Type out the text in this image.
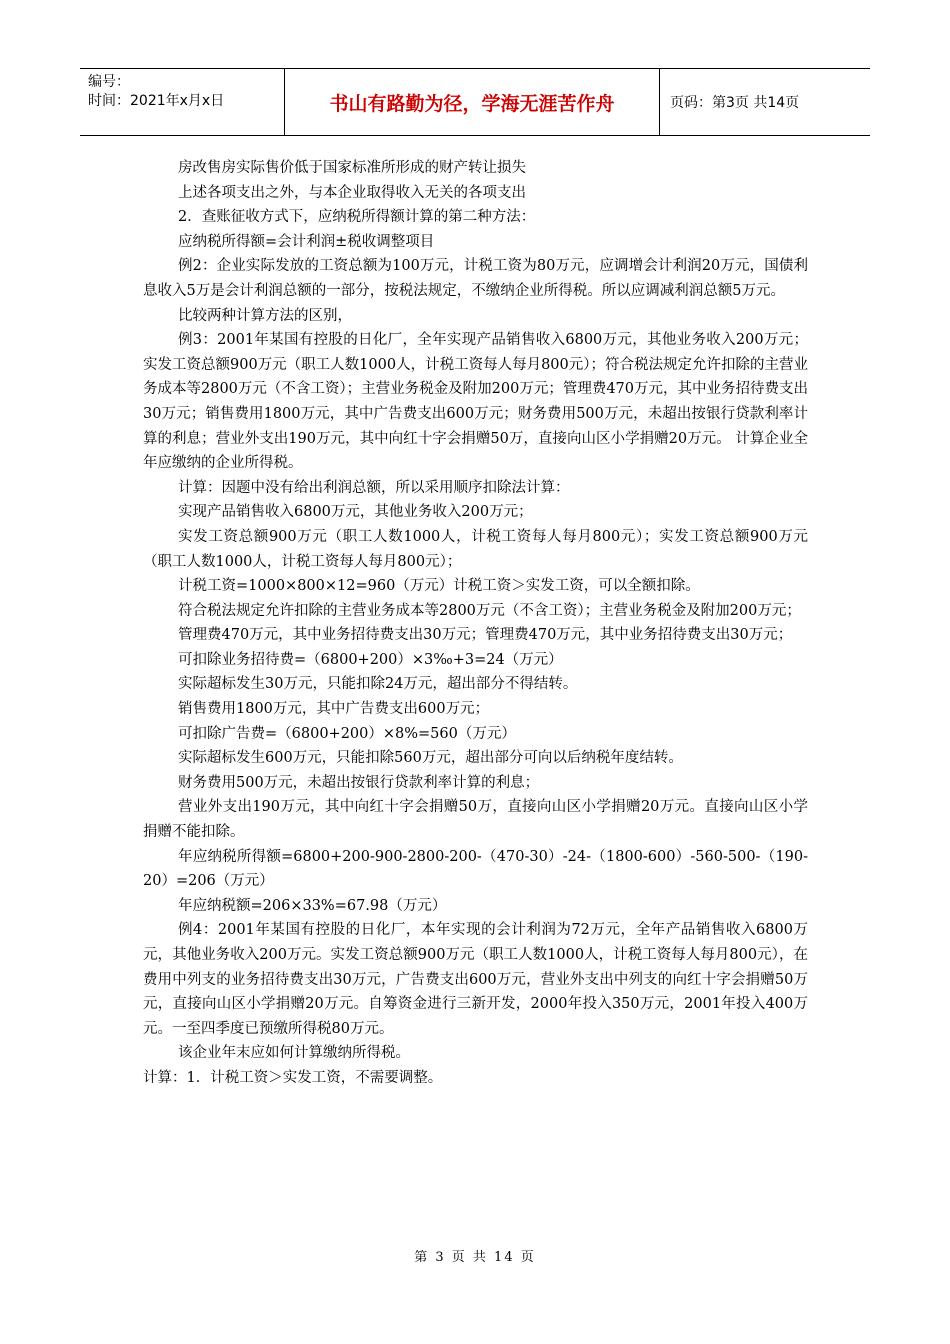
编号：
时间：2021年x月x日	书山有路勤为径，学海无涯苦作舟	页码：第3页 共14页

房改售房实际售价低于国家标准所形成的财产转让损失

上述各项支出之外，与本企业取得收入无关的各项支出

2．查账征收方式下，应纳税所得额计算的第二种方法：

应纳税所得额=会计利润±税收调整项目

例2：企业实际发放的工资总额为100万元，计税工资为80万元，应调增会计利润20万元，国债利息收入5万是会计利润总额的一部分，按税法规定，不缴纳企业所得税。所以应调减利润总额5万元。

比较两种计算方法的区别，

例3：2001年某国有控股的日化厂，全年实现产品销售收入6800万元，其他业务收入200万元；实发工资总额900万元（职工人数1000人，计税工资每人每月800元）；符合税法规定允许扣除的主营业务成本等2800万元（不含工资）；主营业务税金及附加200万元；管理费470万元，其中业务招待费支出30万元；销售费用1800万元，其中广告费支出600万元；财务费用500万元，未超出按银行贷款利率计算的利息；营业外支出190万元，其中向红十字会捐赠50万，直接向山区小学捐赠20万元。 计算企业全年应缴纳的企业所得税。

计算：因题中没有给出利润总额，所以采用顺序扣除法计算：

实现产品销售收入6800万元，其他业务收入200万元；

实发工资总额900万元（职工人数1000人，计税工资每人每月800元）；实发工资总额900万元（职工人数1000人，计税工资每人每月800元）；

计税工资=1000×800×12=960（万元）计税工资＞实发工资，可以全额扣除。

符合税法规定允许扣除的主营业务成本等2800万元（不含工资）；主营业务税金及附加200万元；

管理费470万元，其中业务招待费支出30万元；管理费470万元，其中业务招待费支出30万元；

可扣除业务招待费=（6800+200）×3‰+3=24（万元）

实际超标发生30万元，只能扣除24万元，超出部分不得结转。

销售费用1800万元，其中广告费支出600万元；

可扣除广告费=（6800+200）×8%=560（万元）

实际超标发生600万元，只能扣除560万元，超出部分可向以后纳税年度结转。

财务费用500万元，未超出按银行贷款利率计算的利息；

营业外支出190万元，其中向红十字会捐赠50万，直接向山区小学捐赠20万元。直接向山区小学捐赠不能扣除。

年应纳税所得额=6800+200-900-2800-200-（470-30）-24-（1800-600）-560-500-（190-20）=206（万元）

年应纳税额=206×33%=67.98（万元）

例4：2001年某国有控股的日化厂，本年实现的会计利润为72万元，全年产品销售收入6800万元，其他业务收入200万元。实发工资总额900万元（职工人数1000人，计税工资每人每月800元），在费用中列支的业务招待费支出30万元，广告费支出600万元，营业外支出中列支的向红十字会捐赠50万元，直接向山区小学捐赠20万元。自筹资金进行三新开发，2000年投入350万元，2001年投入400万元。一至四季度已预缴所得税80万元。

该企业年末应如何计算缴纳所得税。

计算：1．计税工资＞实发工资，不需要调整。

第 3 页 共 14 页
